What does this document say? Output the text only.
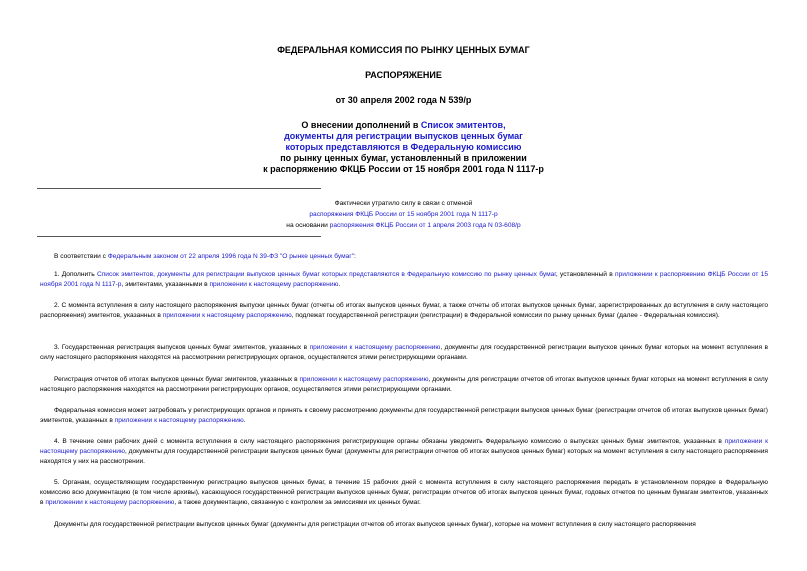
ФЕДЕРАЛЬНАЯ КОМИССИЯ ПО РЫНКУ ЦЕННЫХ БУМАГ
РАСПОРЯЖЕНИЕ
от 30 апреля 2002 года N 539/р
О внесении дополнений в Список эмитентов,
документы для регистрации выпусков ценных бумаг
которых представляются в Федеральную комиссию
по рынку ценных бумаг, установленный в приложении
к распоряжению ФКЦБ России от 15 ноября 2001 года N 1117-р
Фактически утратило силу в связи с отменой
распоряжения ФКЦБ России от 15 ноября 2001 года N 1117-р
на основании распоряжения ФКЦБ России от 1 апреля 2003 года N 03-608/р
В соответствии с Федеральным законом от 22 апреля 1996 года N 39-ФЗ "О рынке ценных бумаг":
1. Дополнить Список эмитентов, документы для регистрации выпусков ценных бумаг которых представляются в Федеральную комиссию по рынку ценных бумаг, установленный в приложении к распоряжению ФКЦБ России от 15 ноября 2001 года N 1117-р, эмитентами, указанными в приложении к настоящему распоряжению.
2. С момента вступления в силу настоящего распоряжения выпуски ценных бумаг (отчеты об итогах выпусков ценных бумаг, а также отчеты об итогах выпусков ценных бумаг, зарегистрированных до вступления в силу настоящего распоряжения) эмитентов, указанных в приложении к настоящему распоряжению, подлежат государственной регистрации (регистрации) в Федеральной комиссии по рынку ценных бумаг (далее - Федеральная комиссия).
3. Государственная регистрация выпусков ценных бумаг эмитентов, указанных в приложении к настоящему распоряжению, документы для государственной регистрации выпусков ценных бумаг которых на момент вступления в силу настоящего распоряжения находятся на рассмотрении регистрирующих органов, осуществляется этими регистрирующими органами.
Регистрация отчетов об итогах выпусков ценных бумаг эмитентов, указанных в приложении к настоящему распоряжению, документы для регистрации отчетов об итогах выпусков ценных бумаг которых на момент вступления в силу настоящего распоряжения находятся на рассмотрении регистрирующих органов, осуществляется этими регистрирующими органами.
Федеральная комиссия может затребовать у регистрирующих органов и принять к своему рассмотрению документы для государственной регистрации выпусков ценных бумаг (регистрации отчетов об итогах выпусков ценных бумаг) эмитентов, указанных в приложении к настоящему распоряжению.
4. В течение семи рабочих дней с момента вступления в силу настоящего распоряжения регистрирующие органы обязаны уведомить Федеральную комиссию о выпусках ценных бумаг эмитентов, указанных в приложении к настоящему распоряжению, документы для государственной регистрации выпусков ценных бумаг (документы для регистрации отчетов об итогах выпусков ценных бумаг) которых на момент вступления в силу настоящего распоряжения находятся у них на рассмотрении.
5. Органам, осуществляющим государственную регистрацию выпусков ценных бумаг, в течение 15 рабочих дней с момента вступления в силу настоящего распоряжения передать в установленном порядке в Федеральную комиссию всю документацию (в том числе архивы), касающуюся государственной регистрации выпусков ценных бумаг, регистрации отчетов об итогах выпусков ценных бумаг, годовых отчетов по ценным бумагам эмитентов, указанных в приложении к настоящему распоряжению, а также документацию, связанную с контролем за эмиссиями их ценных бумаг.
Документы для государственной регистрации выпусков ценных бумаг (документы для регистрации отчетов об итогах выпусков ценных бумаг), которые на момент вступления в силу настоящего распоряжения
